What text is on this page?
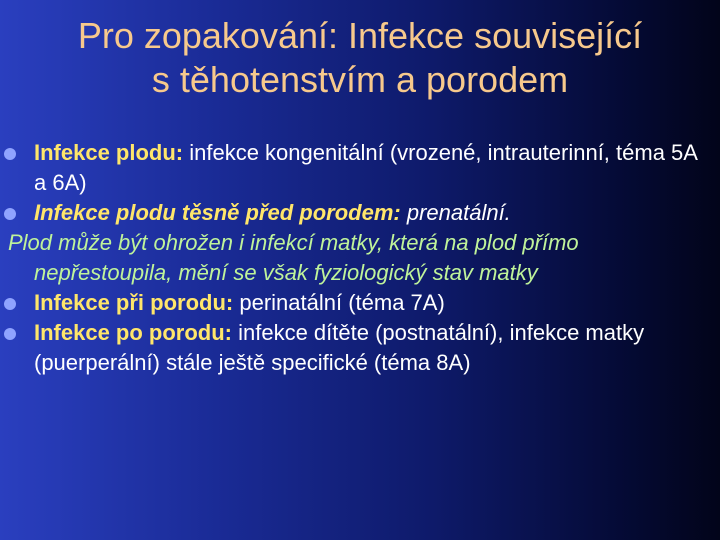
Pro zopakování: Infekce související
s těhotenstvím a porodem
Infekce plodu: infekce kongenitální (vrozené, intrauterinní, téma 5A a 6A)
Infekce plodu těsně před porodem: prenatální.
Plod může být ohrožen i infekcí matky, která na plod přímo nepřestoupila, mění se však fyziologický stav matky
Infekce při porodu: perinatální (téma 7A)
Infekce po porodu: infekce dítěte (postnatální), infekce matky (puerperální) stále ještě specifické (téma 8A)
